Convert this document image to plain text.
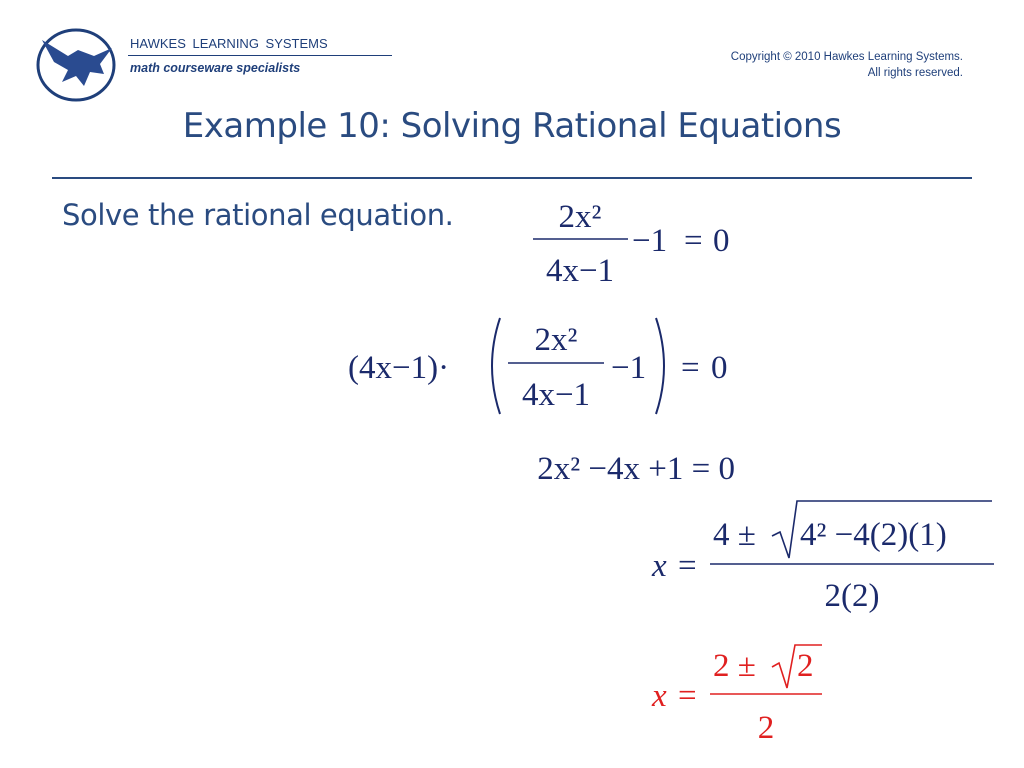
HAWKES LEARNING SYSTEMS
math courseware specialists
Copyright © 2010 Hawkes Learning Systems.
All rights reserved.
Example 10: Solving Rational Equations
Solve the rational equation.	2x²
4x−1
−1 = 0
(4x−1)·
2x²
4x−1
−1 = 0
2x² −4x +1 = 0
x =
4 ± 4² −4(2)(1)
2(2)
x =
2 ± 2
2
